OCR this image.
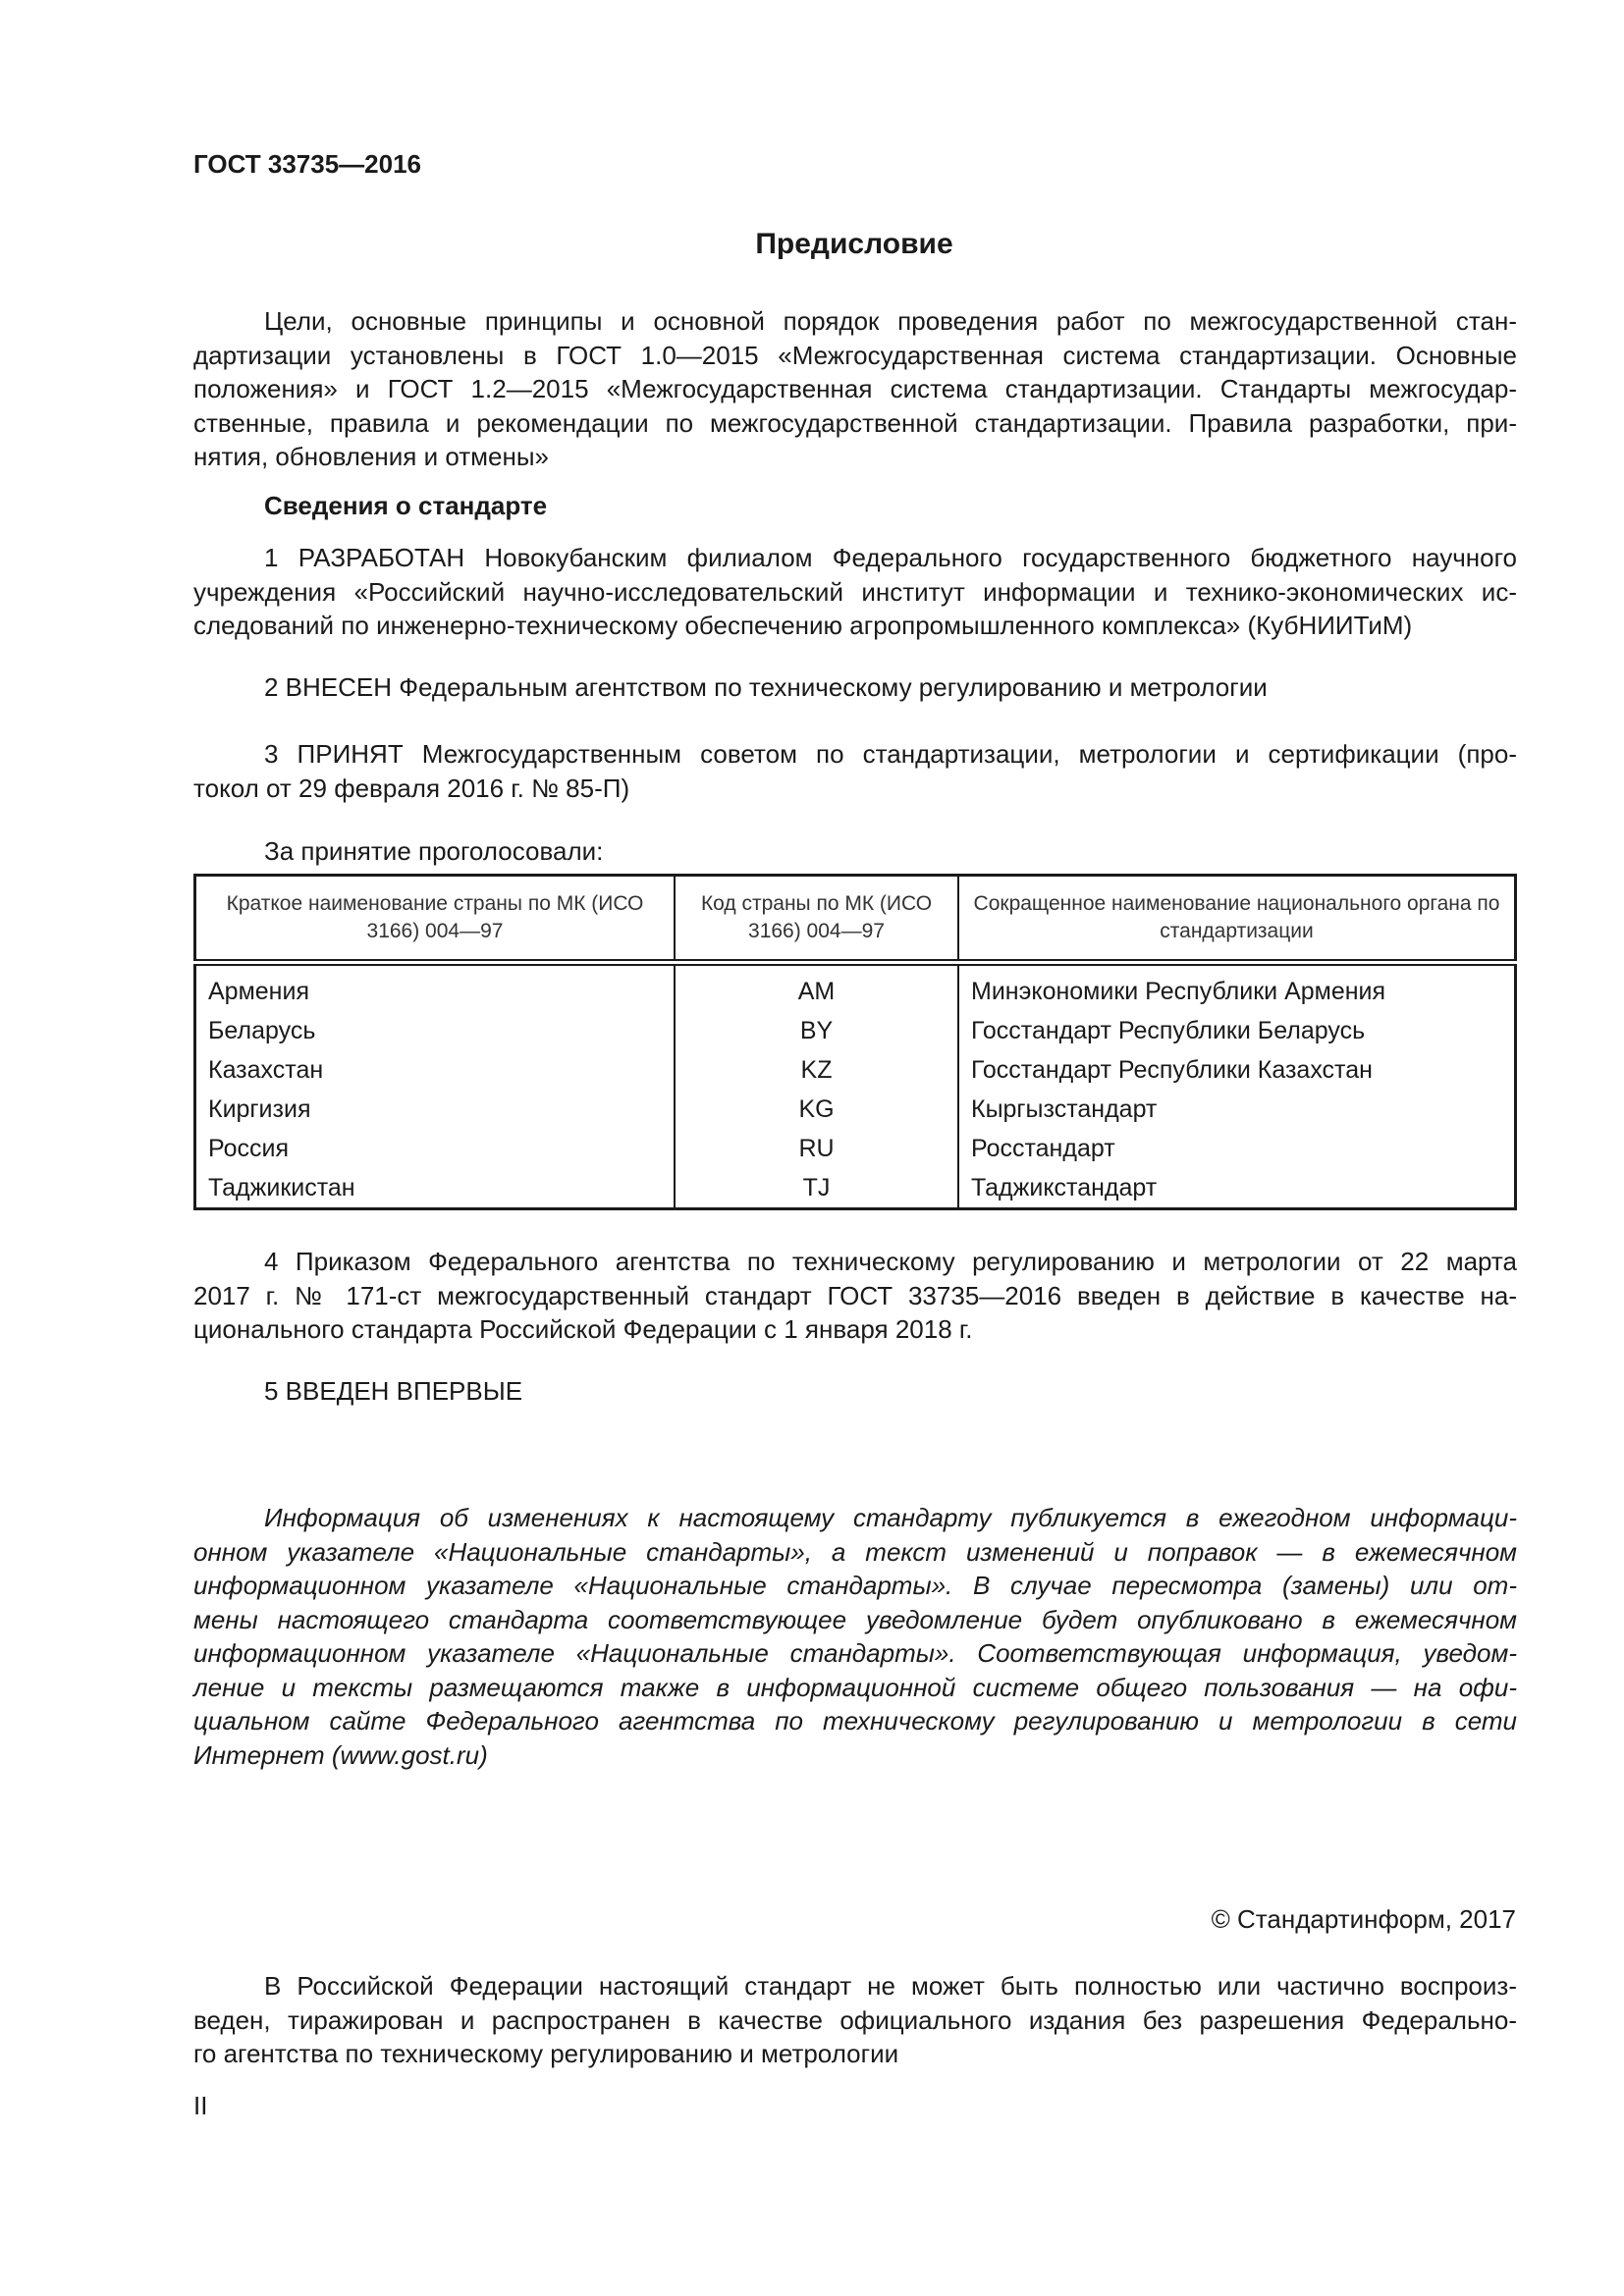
ГОСТ 33735—2016
Предисловие
Цели, основные принципы и основной порядок проведения работ по межгосударственной стан-
дартизации установлены в ГОСТ 1.0—2015 «Межгосударственная система стандартизации. Основные
положения» и ГОСТ 1.2—2015 «Межгосударственная система стандартизации. Стандарты межгосудар-
ственные, правила и рекомендации по межгосударственной стандартизации. Правила разработки, при-
нятия, обновления и отмены»
Сведения о стандарте
1 РАЗРАБОТАН Новокубанским филиалом Федерального государственного бюджетного научного
учреждения «Российский научно-исследовательский институт информации и технико-экономических ис-
следований по инженерно-техническому обеспечению агропромышленного комплекса» (КубНИИТиМ)
2 ВНЕСЕН Федеральным агентством по техническому регулированию и метрологии
3 ПРИНЯТ Межгосударственным советом по стандартизации, метрологии и сертификации (про-
токол от 29 февраля 2016 г. № 85-П)
За принятие проголосовали:
Краткое наименование страны по МК (ИСО 3166) 004—97	Код страны по МК (ИСО 3166) 004—97	Сокращенное наименование национального органа по стандартизации
Армения	AM	Минэкономики Республики Армения
Беларусь	BY	Госстандарт Республики Беларусь
Казахстан	KZ	Госстандарт Республики Казахстан
Киргизия	KG	Кыргызстандарт
Россия	RU	Росстандарт
Таджикистан	TJ	Таджикстандарт
4 Приказом Федерального агентства по техническому регулированию и метрологии от 22 марта
2017 г. № 171-ст межгосударственный стандарт ГОСТ 33735—2016 введен в действие в качестве на-
ционального стандарта Российской Федерации с 1 января 2018 г.
5 ВВЕДЕН ВПЕРВЫЕ
Информация об изменениях к настоящему стандарту публикуется в ежегодном информаци-
онном указателе «Национальные стандарты», а текст изменений и поправок — в ежемесячном
информационном указателе «Национальные стандарты». В случае пересмотра (замены) или от-
мены настоящего стандарта соответствующее уведомление будет опубликовано в ежемесячном
информационном указателе «Национальные стандарты». Соответствующая информация, уведом-
ление и тексты размещаются также в информационной системе общего пользования — на офи-
циальном сайте Федерального агентства по техническому регулированию и метрологии в сети
Интернет (www.gost.ru)
© Стандартинформ, 2017
В Российской Федерации настоящий стандарт не может быть полностью или частично воспроиз-
веден, тиражирован и распространен в качестве официального издания без разрешения Федерально-
го агентства по техническому регулированию и метрологии
II
